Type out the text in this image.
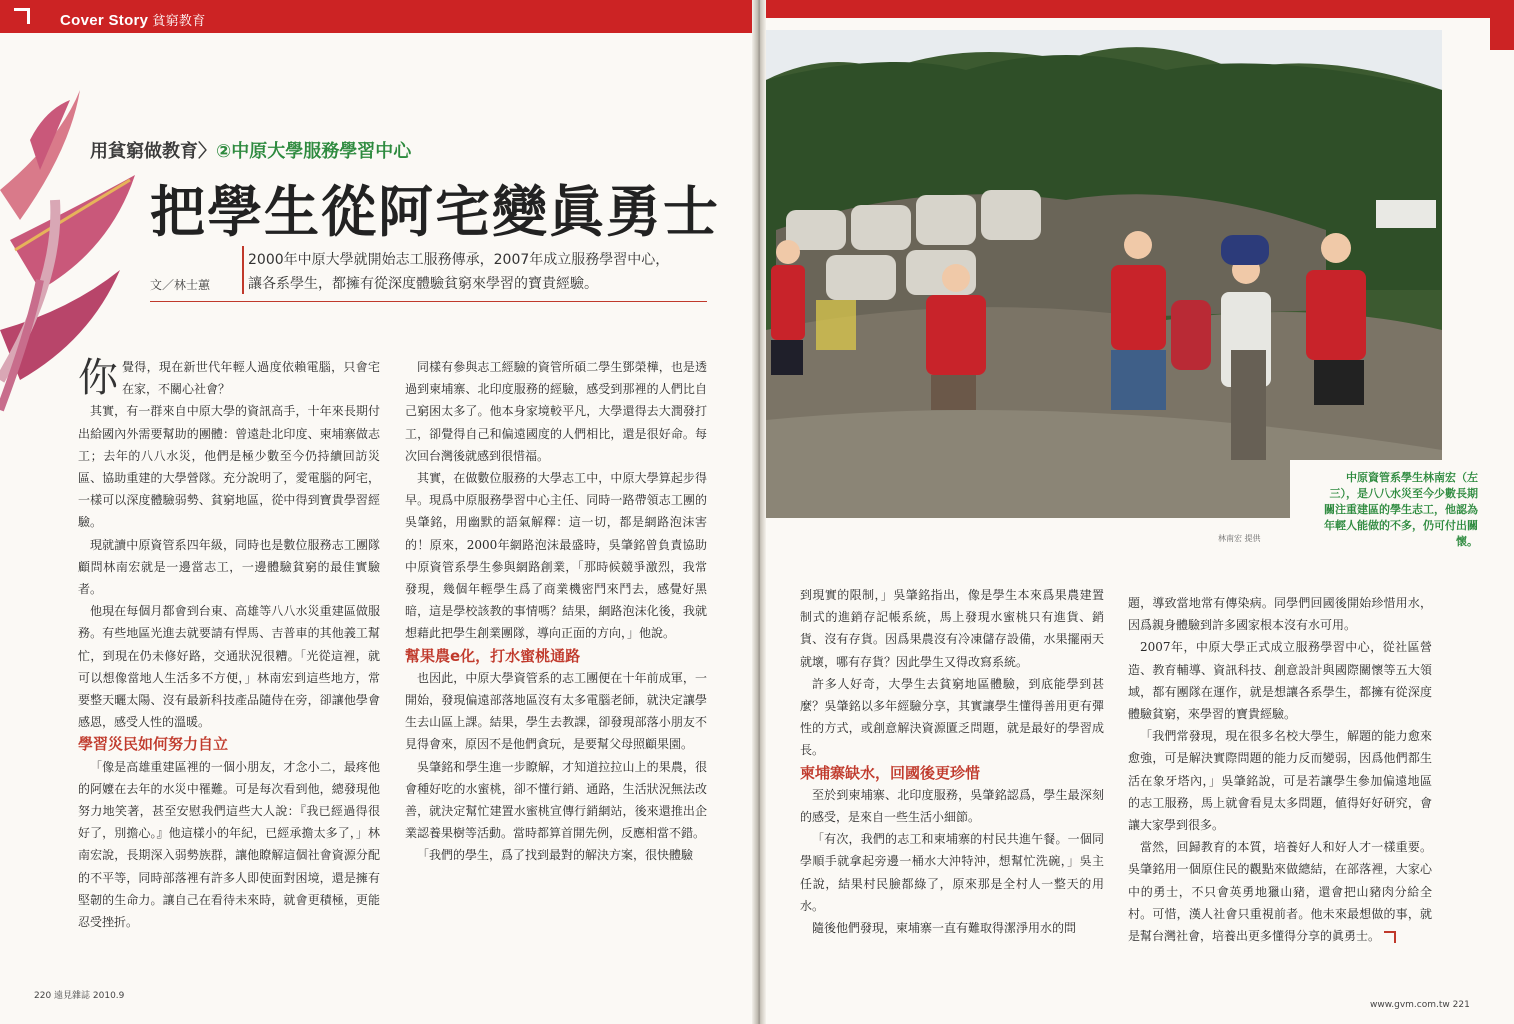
Cover Story 貧窮教育
用貧窮做教育〉②中原大學服務學習中心
把學生從阿宅變眞勇士
2000年中原大學就開始志工服務傳承，2007年成立服務學習中心，
讓各系學生，都擁有從深度體驗貧窮來學習的寶貴經驗。
文／林士蕙

你覺得，現在新世代年輕人過度依賴電腦，只會宅在家，不關心社會？

其實，有一群來自中原大學的資訊高手，十年來長期付出給國內外需要幫助的團體：曾遠赴北印度、柬埔寨做志工；去年的八八水災，他們是極少數至今仍持續回訪災區、協助重建的大學營隊。充分說明了，愛電腦的阿宅，一樣可以深度體驗弱勢、貧窮地區，從中得到寶貴學習經驗。

現就讀中原資管系四年級，同時也是數位服務志工團隊顧問林南宏就是一邊當志工，一邊體驗貧窮的最佳實驗者。

他現在每個月都會到台東、高雄等八八水災重建區做服務。有些地區光進去就要請有悍馬、吉普車的其他義工幫忙，到現在仍未修好路，交通狀況很糟。「光從這裡，就可以想像當地人生活多不方便，」林南宏到這些地方，常要整天曬太陽、沒有最新科技產品隨侍在旁，卻讓他學會感恩，感受人性的溫暖。

學習災民如何努力自立

「像是高雄重建區裡的一個小朋友，才念小二，最疼他的阿嬤在去年的水災中罹難。可是每次看到他，總發現他努力地笑著，甚至安慰我們這些大人說：『我已經過得很好了，別擔心。』他這樣小的年紀，已經承擔太多了，」林南宏說，長期深入弱勢族群，讓他瞭解這個社會資源分配的不平等，同時部落裡有許多人即使面對困境，還是擁有堅韌的生命力。讓自己在看待未來時，就會更積極，更能忍受挫折。

同樣有參與志工經驗的資管所碩二學生鄧榮樺，也是透過到柬埔寨、北印度服務的經驗，感受到那裡的人們比自己窮困太多了。他本身家境較平凡，大學還得去大潤發打工，卻覺得自己和偏遠國度的人們相比，還是很好命。每次回台灣後就感到很惜福。

其實，在做數位服務的大學志工中，中原大學算起步得早。現爲中原服務學習中心主任、同時一路帶領志工團的吳肇銘，用幽默的語氣解釋：這一切，都是網路泡沫害的！原來，2000年網路泡沫最盛時，吳肇銘曾負責協助中原資管系學生參與網路創業，「那時候競爭激烈，我常發現，幾個年輕學生爲了商業機密鬥來鬥去，感覺好黑暗，這是學校該教的事情嗎？結果，網路泡沫化後，我就想藉此把學生創業團隊，導向正面的方向，」他說。

幫果農e化，打水蜜桃通路

也因此，中原大學資管系的志工團便在十年前成軍，一開始，發現偏遠部落地區沒有太多電腦老師，就決定讓學生去山區上課。結果，學生去教課，卻發現部落小朋友不見得會來，原因不是他們貪玩，是要幫父母照顧果園。

吳肇銘和學生進一步瞭解，才知道拉拉山上的果農，很會種好吃的水蜜桃，卻不懂行銷、通路，生活狀況無法改善，就決定幫忙建置水蜜桃宣傳行銷網站，後來還推出企業認養果樹等活動。當時都算首開先例，反應相當不錯。

「我們的學生，爲了找到最對的解決方案，很快體驗

林南宏 提供
中原資管系學生林南宏（左三），是八八水災至今少數長期關注重建區的學生志工，他認為年輕人能做的不多，仍可付出關懷。

到現實的限制，」吳肇銘指出，像是學生本來爲果農建置制式的進銷存記帳系統，馬上發現水蜜桃只有進貨、銷貨、沒有存貨。因爲果農沒有冷凍儲存設備，水果擺兩天就壞，哪有存貨？因此學生又得改寫系統。

許多人好奇，大學生去貧窮地區體驗，到底能學到甚麼？吳肇銘以多年經驗分享，其實讓學生懂得善用更有彈性的方式，或創意解決資源匱乏問題，就是最好的學習成長。

柬埔寨缺水，回國後更珍惜

至於到柬埔寨、北印度服務，吳肇銘認爲，學生最深刻的感受，是來自一些生活小細節。

「有次，我們的志工和柬埔寨的村民共進午餐。一個同學順手就拿起旁邊一桶水大沖特沖，想幫忙洗碗，」吳主任說，結果村民臉都綠了，原來那是全村人一整天的用水。

隨後他們發現，柬埔寨一直有難取得潔淨用水的問

題，導致當地常有傳染病。同學們回國後開始珍惜用水，因爲親身體驗到許多國家根本沒有水可用。

2007年，中原大學正式成立服務學習中心，從社區營造、教育輔導、資訊科技、創意設計與國際關懷等五大領域，都有團隊在運作，就是想讓各系學生，都擁有從深度體驗貧窮，來學習的寶貴經驗。

「我們常發現，現在很多名校大學生，解題的能力愈來愈強，可是解決實際問題的能力反而變弱，因爲他們都生活在象牙塔內，」吳肇銘說，可是若讓學生參加偏遠地區的志工服務，馬上就會看見太多問題，値得好好研究，會讓大家學到很多。

當然，回歸教育的本質，培養好人和好人才一樣重要。吳肇銘用一個原住民的觀點來做總結，在部落裡，大家心中的勇士，不只會英勇地獵山豬，還會把山豬肉分給全村。可惜，漢人社會只重視前者。他未來最想做的事，就是幫台灣社會，培養出更多懂得分享的眞勇士。

220 遠見雜誌 2010.9
www.gvm.com.tw 221
